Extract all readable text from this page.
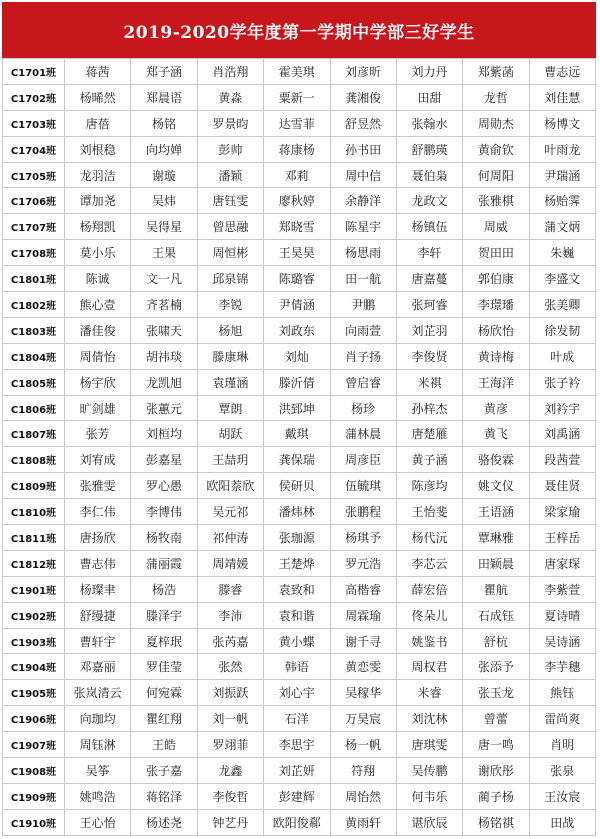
2019-2020学年度第一学期中学部三好学生
C1701班	蒋茜	郑子涵	肖浩翔	霍美琪	刘彦昕	刘力丹	郑紫菡	曹志远
C1702班	杨晞然	郑晨语	黄淼	粟新一	龚湘俊	田甜	龙哲	刘佳慧
C1703班	唐蓓	杨铭	罗景昀	达雪菲	舒昱然	张翰水	周勋杰	杨博文
C1704班	刘根稳	向均婵	彭帅	蒋康杨	孙书田	舒鹏瑛	黄俞钦	叶雨龙
C1705班	龙羽洁	谢璇	潘颖	邓莉	周中信	聂伯枭	何周阳	尹瑞涵
C1706班	谭加尧	吴炜	唐钰雯	廖秋婷	余静洋	龙政文	张雅棋	杨贻霁
C1707班	杨翔凯	吴得星	曾思融	郑晓雪	陈星宇	杨镇伍	周威	蒲文炳
C1708班	莫小乐	王果	周恒彬	王昊昊	杨思雨	李轩	贺田田	朱巍
C1801班	陈诚	文一凡	邱泉锦	陈璐睿	田一航	唐嘉蔓	郭伯康	李盛文
C1802班	熊心壹	齐茗楠	李锐	尹倩涵	尹鹏	张珂睿	李璟璠	张美卿
C1803班	潘佳俊	张啸天	杨旭	刘政东	向雨萱	刘芷羽	杨欣怡	徐发韧
C1804班	周倩怡	胡祎琰	滕康琳	刘灿	肖子扬	李俊贤	黄诗梅	叶成
C1805班	杨宇欣	龙凯旭	袁瑾涵	滕沂倩	曾启睿	米祺	王海洋	张子衿
C1806班	旷剑雄	张蕙元	覃朗	洪郅坤	杨珍	孙梓杰	黄彦	刘衿宇
C1807班	张芳	刘桓均	胡跃	戴琪	蒲林晨	唐楚雁	黄飞	刘禹涵
C1808班	刘宥成	彭嘉星	王喆玥	龚保瑞	周彦臣	黄子涵	骆俊霖	段茜萱
C1809班	张雅雯	罗心愚	欧阳萘欣	侯研贝	伍毓琪	陈彦均	姚文仪	聂佳贤
C1810班	李仁伟	李博伟	吴元祁	潘炜林	张鹏程	王怡斐	王语涵	梁家瑜
C1811班	唐扬欣	杨牧南	祁仲涛	张珈源	杨琪予	杨代沅	覃琳雅	王梓岳
C1812班	曹志伟	蒲丽霞	周靖媛	王楚烨	罗元浩	李芯云	田颖晨	唐家琛
C1901班	杨璨聿	杨浩	滕睿	袁致和	高楷睿	薛宏倍	瞿航	李紫萱
C1902班	舒缦捷	滕泽宇	李沛	袁和谐	周霖瑜	佟朵儿	石成钰	夏诗晴
C1903班	曹轩宇	夏梓珉	张芮嘉	黄小蝶	谢千寻	姚鉴书	舒杭	吴诗涵
C1904班	邓嘉丽	罗佳莹	张然	韩语	黄恋雯	周权君	张添予	李芋穗
C1905班	张岚清云	何宛霖	刘振跃	刘心宇	吴稼华	米睿	张玉龙	熊钰
C1906班	向珈均	瞿红翔	刘一帆	石洋	万昊宸	刘沈林	曾蕾	雷尚爽
C1907班	周钰淋	王皓	罗翊菲	李思宇	杨一帆	唐琪雯	唐一鸣	肖明
C1908班	吴筝	张子嘉	龙鑫	刘芷妍	符翔	吴传鹏	谢欣彤	张泉
C1909班	姚鸣浩	蒋铭泽	李俊哲	彭建辉	周怡然	何韦乐	蔺子杨	王汝宸
C1910班	王心怡	杨述尧	钟艺丹	欧阳俊郗	黄雨轩	谌欣辰	杨铭祺	田战
